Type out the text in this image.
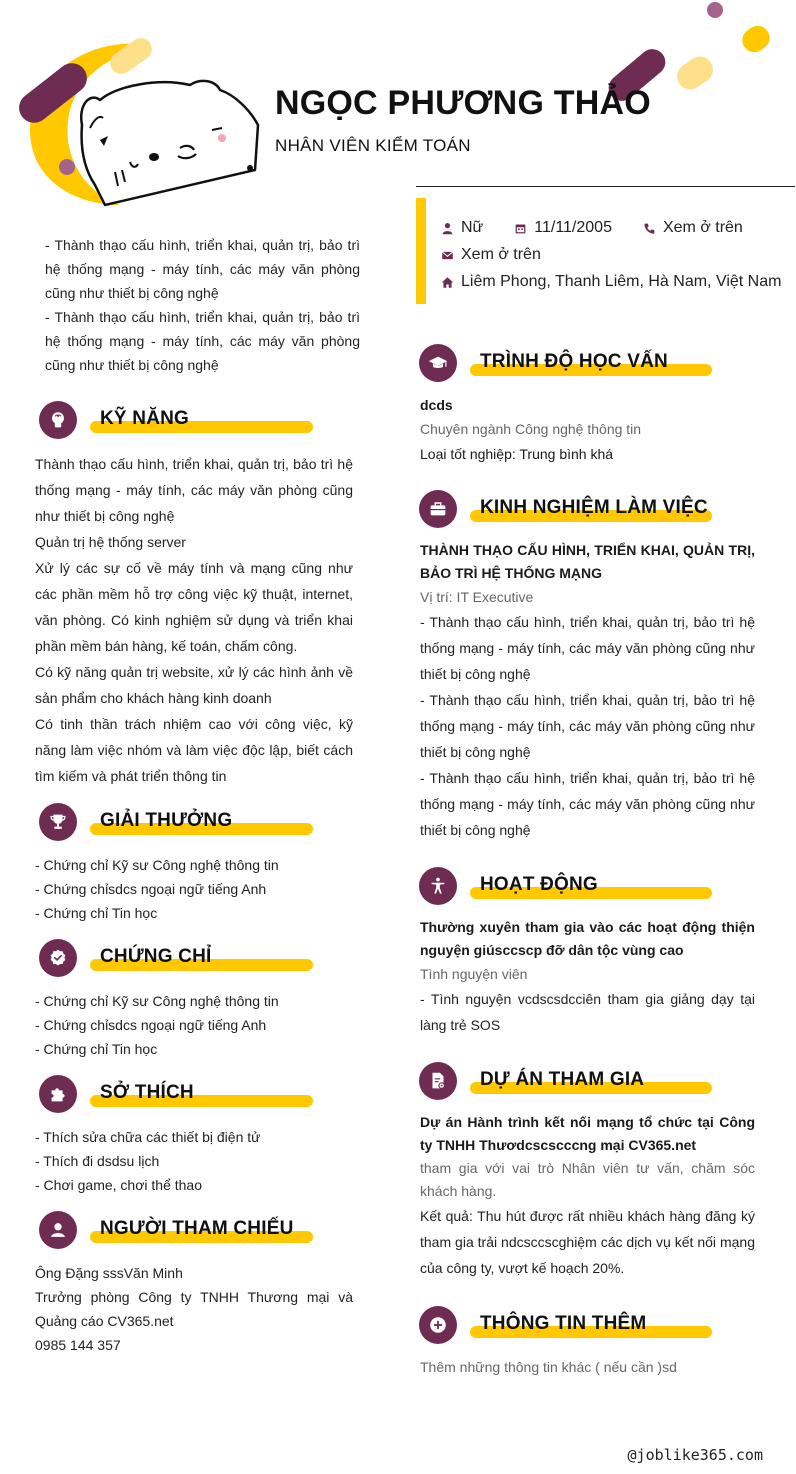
NGỌC PHƯƠNG THẢO
NHÂN VIÊN KIỂM TOÁN
Nữ	11/11/2005	Xem ở trên
Xem ở trên
Liêm Phong, Thanh Liêm, Hà Nam, Việt Nam
- Thành thạo cấu hình, triển khai, quản trị, bảo trì hệ thống mạng - máy tính, các máy văn phòng cũng như thiết bị công nghệ
- Thành thạo cấu hình, triển khai, quản trị, bảo trì hệ thống mạng - máy tính, các máy văn phòng cũng như thiết bị công nghệ
KỸ NĂNG
Thành thạo cấu hình, triển khai, quản trị, bảo trì hệ thống mạng - máy tính, các máy văn phòng cũng như thiết bị công nghệ
Quản trị hệ thống server
Xử lý các sự cố về máy tính và mạng cũng như các phần mềm hỗ trợ công việc kỹ thuật, internet, văn phòng. Có kinh nghiệm sử dụng và triển khai phần mềm bán hàng, kế toán, chấm công.
Có kỹ năng quản trị website, xử lý các hình ảnh về sản phẩm cho khách hàng kinh doanh
Có tinh thần trách nhiệm cao với công việc, kỹ năng làm việc nhóm và làm việc độc lập, biết cách tìm kiếm và phát triển thông tin
GIẢI THƯỞNG
- Chứng chỉ Kỹ sư Công nghệ thông tin
- Chứng chỉsdcs ngoại ngữ tiếng Anh
- Chứng chỉ Tin học
CHỨNG CHỈ
- Chứng chỉ Kỹ sư Công nghệ thông tin
- Chứng chỉsdcs ngoại ngữ tiếng Anh
- Chứng chỉ Tin học
SỞ THÍCH
- Thích sửa chữa các thiết bị điện tử
- Thích đi dsdsu lịch
- Chơi game, chơi thể thao
NGƯỜI THAM CHIẾU
Ông Đặng sssVăn Minh
Trưởng phòng Công ty TNHH Thương mại và Quảng cáo CV365.net
0985 144 357
TRÌNH ĐỘ HỌC VẤN
dcds
Chuyên ngành Công nghệ thông tin
Loại tốt nghiệp: Trung bình khá
KINH NGHIỆM LÀM VIỆC
THÀNH THẠO CẤU HÌNH, TRIỂN KHAI, QUẢN TRỊ, BẢO TRÌ HỆ THỐNG MẠNG
Vị trí: IT Executive
- Thành thạo cấu hình, triển khai, quản trị, bảo trì hệ thống mạng - máy tính, các máy văn phòng cũng như thiết bị công nghệ
- Thành thạo cấu hình, triển khai, quản trị, bảo trì hệ thống mạng - máy tính, các máy văn phòng cũng như thiết bị công nghệ
- Thành thạo cấu hình, triển khai, quản trị, bảo trì hệ thống mạng - máy tính, các máy văn phòng cũng như thiết bị công nghệ
HOẠT ĐỘNG
Thường xuyên tham gia vào các hoạt động thiện nguyện giúsccscp đỡ dân tộc vùng cao
Tình nguyện viên
- Tình nguyện vcdscsdcciên tham gia giảng dạy tại làng trẻ SOS
DỰ ÁN THAM GIA
Dự án Hành trình kết nối mạng tổ chức tại Công ty TNHH Thươdcscscccng mại CV365.net
tham gia với vai trò Nhân viên tư vấn, chăm sóc khách hàng.
Kết quả: Thu hút được rất nhiều khách hàng đăng ký tham gia trải ndcsccscghiệm các dịch vụ kết nối mạng của công ty, vượt kế hoạch 20%.
THÔNG TIN THÊM
Thêm những thông tin khác ( nếu cần )sd
@joblike365.com
